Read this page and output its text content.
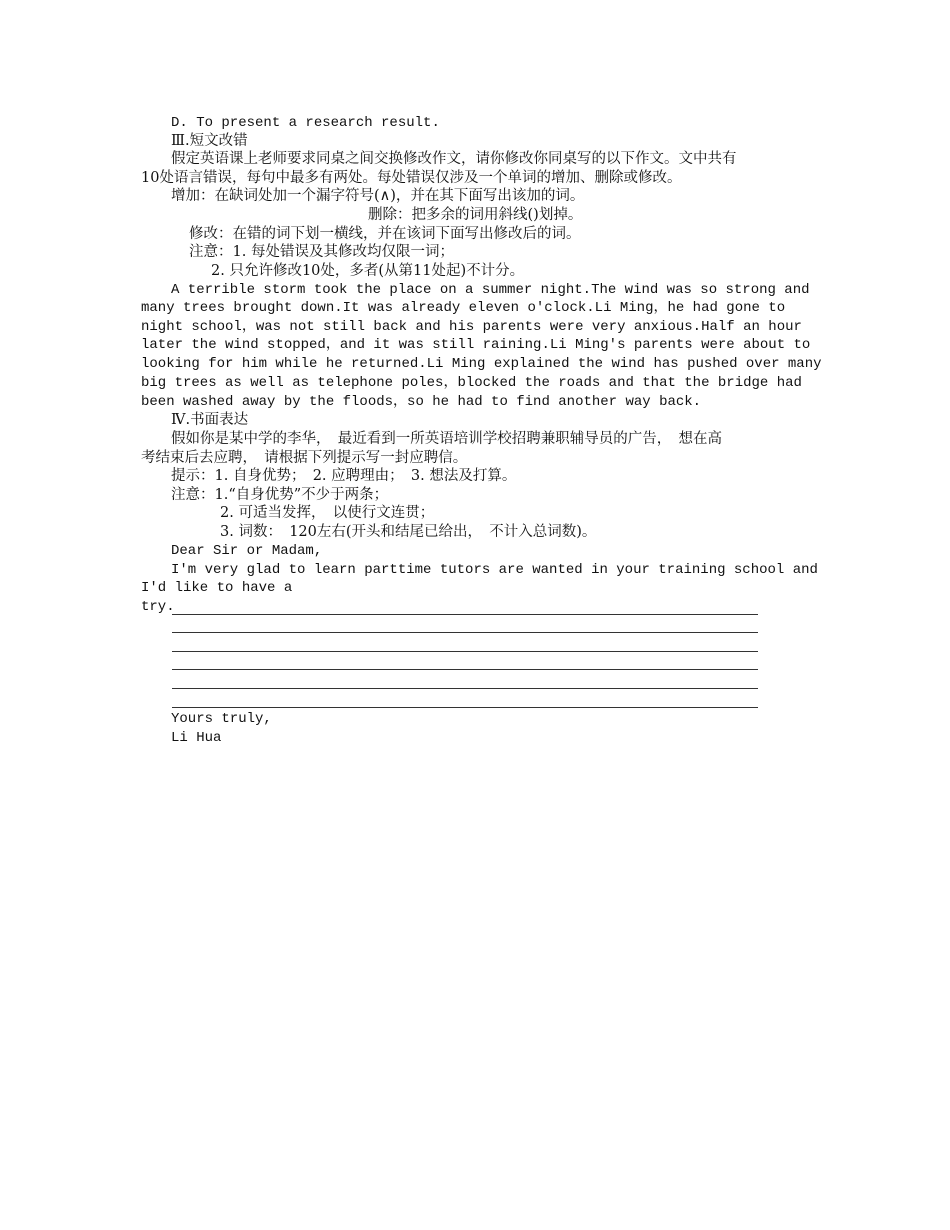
D. To present a research result.
Ⅲ.短文改错
假定英语课上老师要求同桌之间交换修改作文，请你修改你同桌写的以下作文。文中共有
10处语言错误，每句中最多有两处。每处错误仅涉及一个单词的增加、删除或修改。
增加：在缺词处加一个漏字符号(∧)，并在其下面写出该加的词。
删除：把多余的词用斜线()划掉。
修改：在错的词下划一横线，并在该词下面写出修改后的词。
注意：1. 每处错误及其修改均仅限一词；
2. 只允许修改10处，多者(从第11处起)不计分。
A terrible storm took the place on a summer night.The wind was so strong and
many trees brought down.It was already eleven o'clock.Li Ming，he had gone to
night school，was not still back and his parents were very anxious.Half an hour
later the wind stopped，and it was still raining.Li Ming's parents were about to
looking for him while he returned.Li Ming explained the wind has pushed over many
big trees as well as telephone poles，blocked the roads and that the bridge had
been washed away by the floods，so he had to find another way back.
Ⅳ.书面表达
假如你是某中学的李华，　最近看到一所英语培训学校招聘兼职辅导员的广告，　想在高
考结束后去应聘，　请根据下列提示写一封应聘信。
提示：1. 自身优势；　2. 应聘理由；　3. 想法及打算。
注意：1.“自身优势”不少于两条；
2. 可适当发挥，　以使行文连贯；
3. 词数：　120左右(开头和结尾已给出，　不计入总词数)。
Dear Sir or Madam,
I'm very glad to learn parttime tutors are wanted in your training school and
I'd like to have a
try.
Yours truly,
Li Hua
